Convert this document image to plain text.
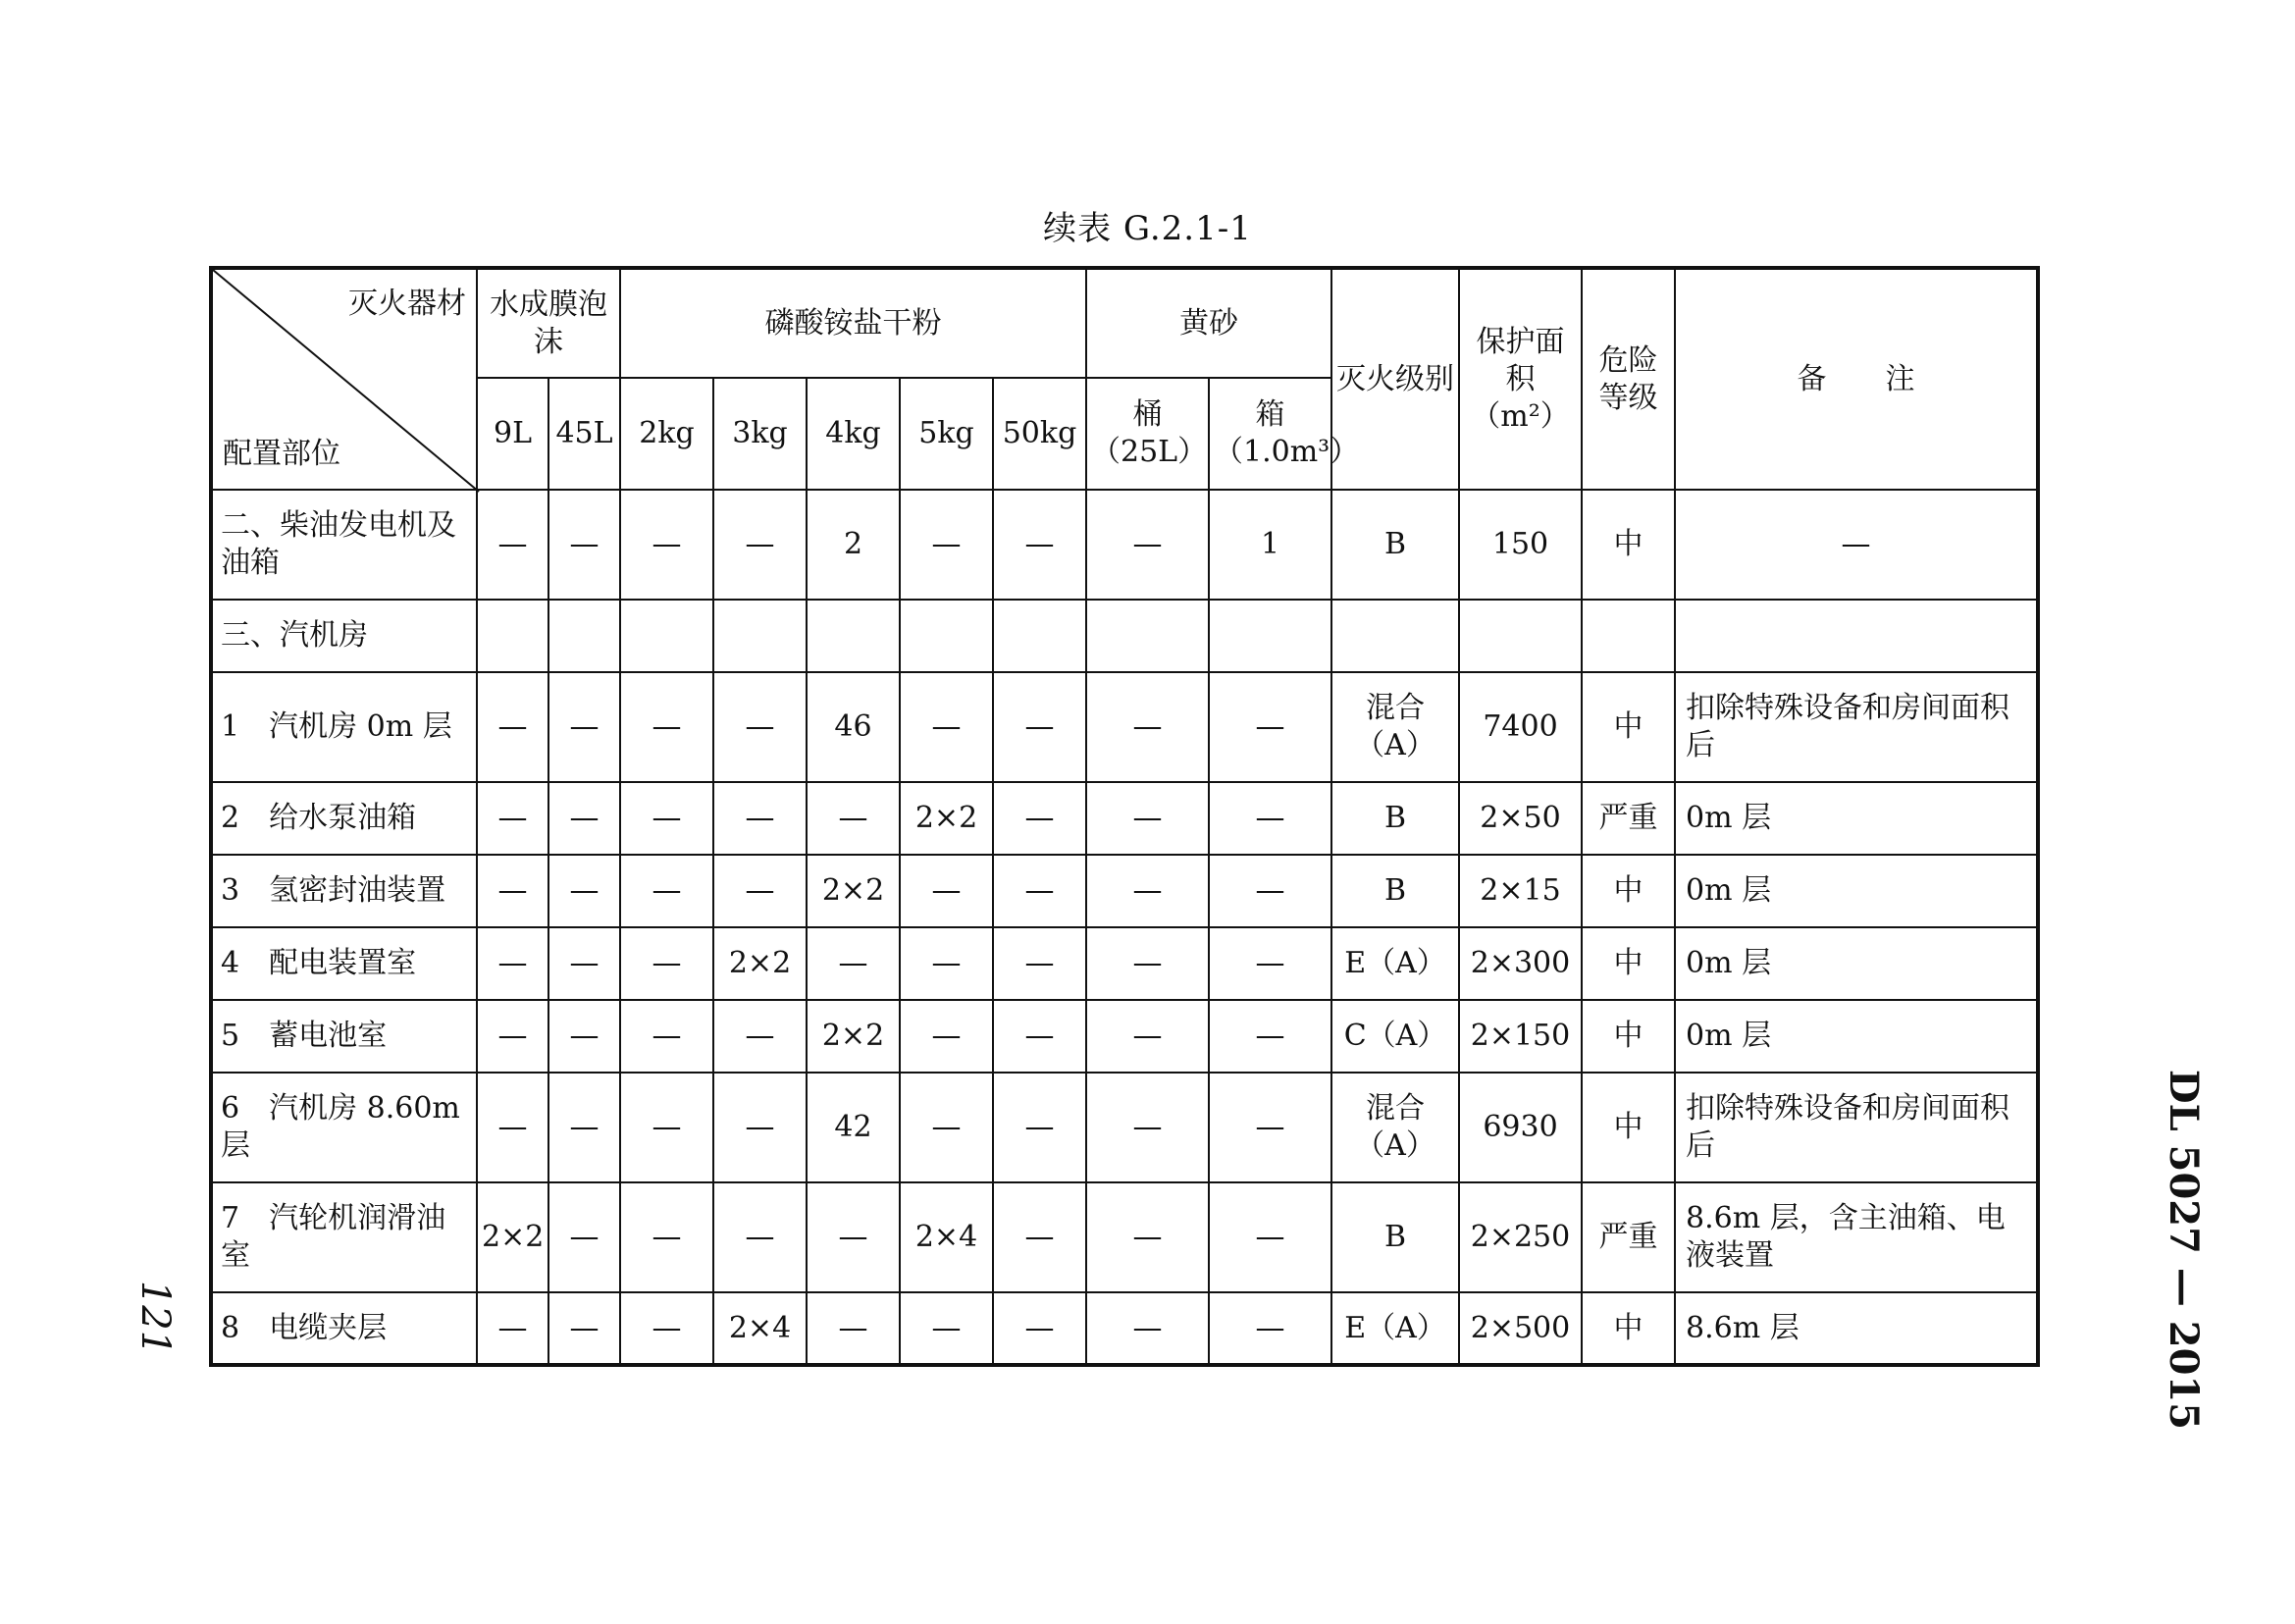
续表 G.2.1-1
灭火器材
配置部位	水成膜泡沫		磷酸铵盐干粉					黄砂		灭火级别	保护面积（m²）	危险等级	备　　注
	9L	45L	2kg	3kg	4kg	5kg	50kg	桶（25L）	箱（1.0m³）				
二、柴油发电机及油箱	—	—	—	—	2	—	—	—	1	B	150	中	—
三、汽机房													
1　汽机房 0m 层	—	—	—	—	46	—	—	—	—	混合（A）	7400	中	扣除特殊设备和房间面积后
2　给水泵油箱	—	—	—	—	—	2×2	—	—	—	B	2×50	严重	0m 层
3　氢密封油装置	—	—	—	—	2×2	—	—	—	—	B	2×15	中	0m 层
4　配电装置室	—	—	—	2×2	—	—	—	—	—	E（A）	2×300	中	0m 层
5　蓄电池室	—	—	—	—	2×2	—	—	—	—	C（A）	2×150	中	0m 层
6　汽机房 8.60m 层	—	—	—	—	42	—	—	—	—	混合（A）	6930	中	扣除特殊设备和房间面积后
7　汽轮机润滑油室	2×2	—	—	—	—	2×4	—	—	—	B	2×250	严重	8.6m 层，含主油箱、电液装置
8　电缆夹层	—	—	—	2×4	—	—	—	—	—	E（A）	2×500	中	8.6m 层
121	DL 5027 — 2015
